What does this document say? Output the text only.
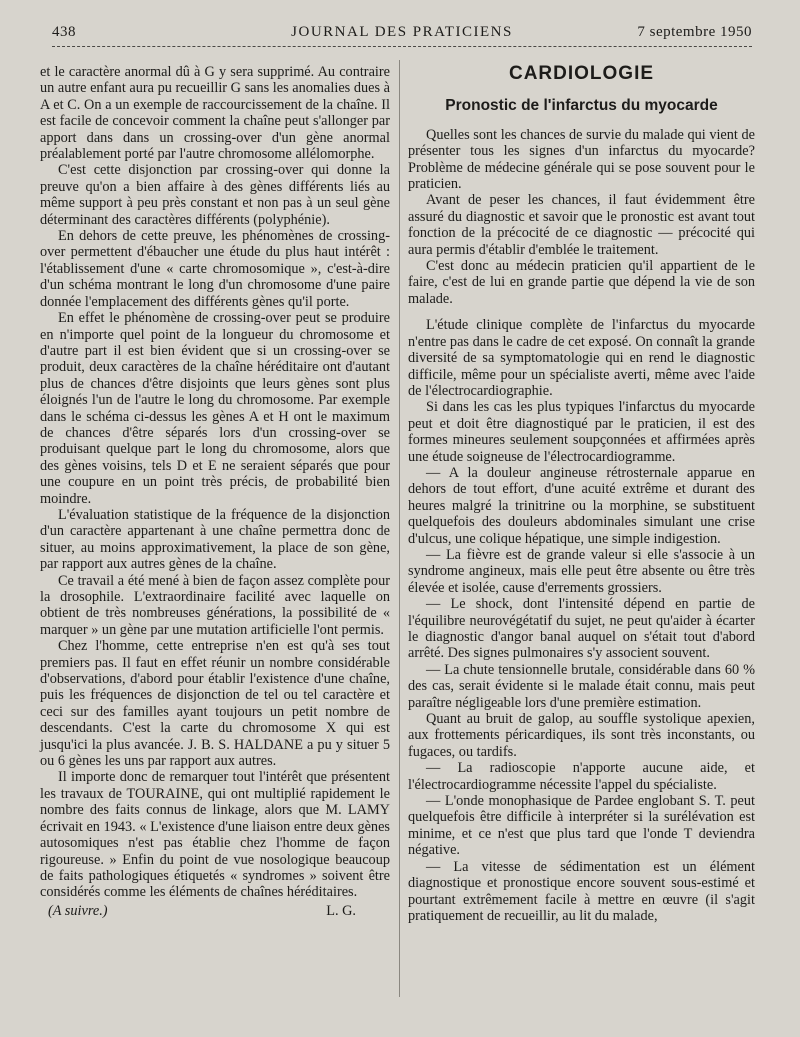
438	JOURNAL DES PRATICIENS	7 septembre 1950

et le caractère anormal dû à G y sera supprimé. Au contraire un autre enfant aura pu recueillir G sans les anomalies dues à A et C. On a un exemple de raccourcissement de la chaîne. Il est facile de concevoir comment la chaîne peut s'allonger par apport dans dans un crossing-over d'un gène anormal préalablement porté par l'autre chromosome allélomorphe.

C'est cette disjonction par crossing-over qui donne la preuve qu'on a bien affaire à des gènes différents liés au même support à peu près constant et non pas à un seul gène déterminant des caractères différents (polyphénie).

En dehors de cette preuve, les phénomènes de crossing-over permettent d'ébaucher une étude du plus haut intérêt : l'établissement d'une « carte chromosomique », c'est-à-dire d'un schéma montrant le long d'un chromosome d'une paire donnée l'emplacement des différents gènes qu'il porte.

En effet le phénomène de crossing-over peut se produire en n'importe quel point de la longueur du chromosome et d'autre part il est bien évident que si un crossing-over se produit, deux caractères de la chaîne héréditaire ont d'autant plus de chances d'être disjoints que leurs gènes sont plus éloignés l'un de l'autre le long du chromosome. Par exemple dans le schéma ci-dessus les gènes A et H ont le maximum de chances d'être séparés lors d'un crossing-over se produisant quelque part le long du chromosome, alors que des gènes voisins, tels D et E ne seraient séparés que pour une coupure en un point très précis, de probabilité bien moindre.

L'évaluation statistique de la fréquence de la disjonction d'un caractère appartenant à une chaîne permettra donc de situer, au moins approximativement, la place de son gène, par rapport aux autres gènes de la chaîne.

Ce travail a été mené à bien de façon assez complète pour la drosophile. L'extraordinaire facilité avec laquelle on obtient de très nombreuses générations, la possibilité de « marquer » un gène par une mutation artificielle l'ont permis.

Chez l'homme, cette entreprise n'en est qu'à ses tout premiers pas. Il faut en effet réunir un nombre considérable d'observations, d'abord pour établir l'existence d'une chaîne, puis les fréquences de disjonction de tel ou tel caractère et ceci sur des familles ayant toujours un petit nombre de descendants. C'est la carte du chromosome X qui est jusqu'ici la plus avancée. J. B. S. HALDANE a pu y situer 5 ou 6 gènes les uns par rapport aux autres.

Il importe donc de remarquer tout l'intérêt que présentent les travaux de TOURAINE, qui ont multiplié rapidement le nombre des faits connus de linkage, alors que M. LAMY écrivait en 1943. « L'existence d'une liaison entre deux gènes autosomiques n'est pas établie chez l'homme de façon rigoureuse. » Enfin du point de vue nosologique beaucoup de faits pathologiques étiquetés « syndromes » soivent être considérés comme les éléments de chaînes héréditaires.

(A suivre.)	L. G.
CARDIOLOGIE
Pronostic de l'infarctus du myocarde

Quelles sont les chances de survie du malade qui vient de présenter tous les signes d'un infarctus du myocarde? Problème de médecine générale qui se pose souvent pour le praticien.

Avant de peser les chances, il faut évidemment être assuré du diagnostic et savoir que le pronostic est avant tout fonction de la précocité de ce diagnostic — précocité qui aura permis d'établir d'emblée le traitement.

C'est donc au médecin praticien qu'il appartient de le faire, c'est de lui en grande partie que dépend la vie de son malade.

L'étude clinique complète de l'infarctus du myocarde n'entre pas dans le cadre de cet exposé. On connaît la grande diversité de sa symptomatologie qui en rend le diagnostic difficile, même pour un spécialiste averti, même avec l'aide de l'électrocardiographie.

Si dans les cas les plus typiques l'infarctus du myocarde peut et doit être diagnostiqué par le praticien, il est des formes mineures seulement soupçonnées et affirmées après une étude soigneuse de l'électrocardiogramme.

— A la douleur angineuse rétrosternale apparue en dehors de tout effort, d'une acuité extrême et durant des heures malgré la trinitrine ou la morphine, se substituent quelquefois des douleurs abdominales simulant une crise d'ulcus, une colique hépatique, une simple indigestion.

— La fièvre est de grande valeur si elle s'associe à un syndrome angineux, mais elle peut être absente ou être très élevée et isolée, cause d'errements grossiers.

— Le shock, dont l'intensité dépend en partie de l'équilibre neurovégétatif du sujet, ne peut qu'aider à écarter le diagnostic d'angor banal auquel on s'était tout d'abord arrêté. Des signes pulmonaires s'y associent souvent.

— La chute tensionnelle brutale, considérable dans 60 % des cas, serait évidente si le malade était connu, mais peut paraître négligeable lors d'une première estimation.

Quant au bruit de galop, au souffle systolique apexien, aux frottements péricardiques, ils sont très inconstants, ou fugaces, ou tardifs.

— La radioscopie n'apporte aucune aide, et l'électrocardiogramme nécessite l'appel du spécialiste.

— L'onde monophasique de Pardee englobant S. T. peut quelquefois être difficile à interpréter si la surélévation est minime, et ce n'est que plus tard que l'onde T deviendra négative.

— La vitesse de sédimentation est un élément diagnostique et pronostique encore souvent sous-estimé et pourtant extrêmement facile à mettre en œuvre (il s'agit pratiquement de recueillir, au lit du malade,
